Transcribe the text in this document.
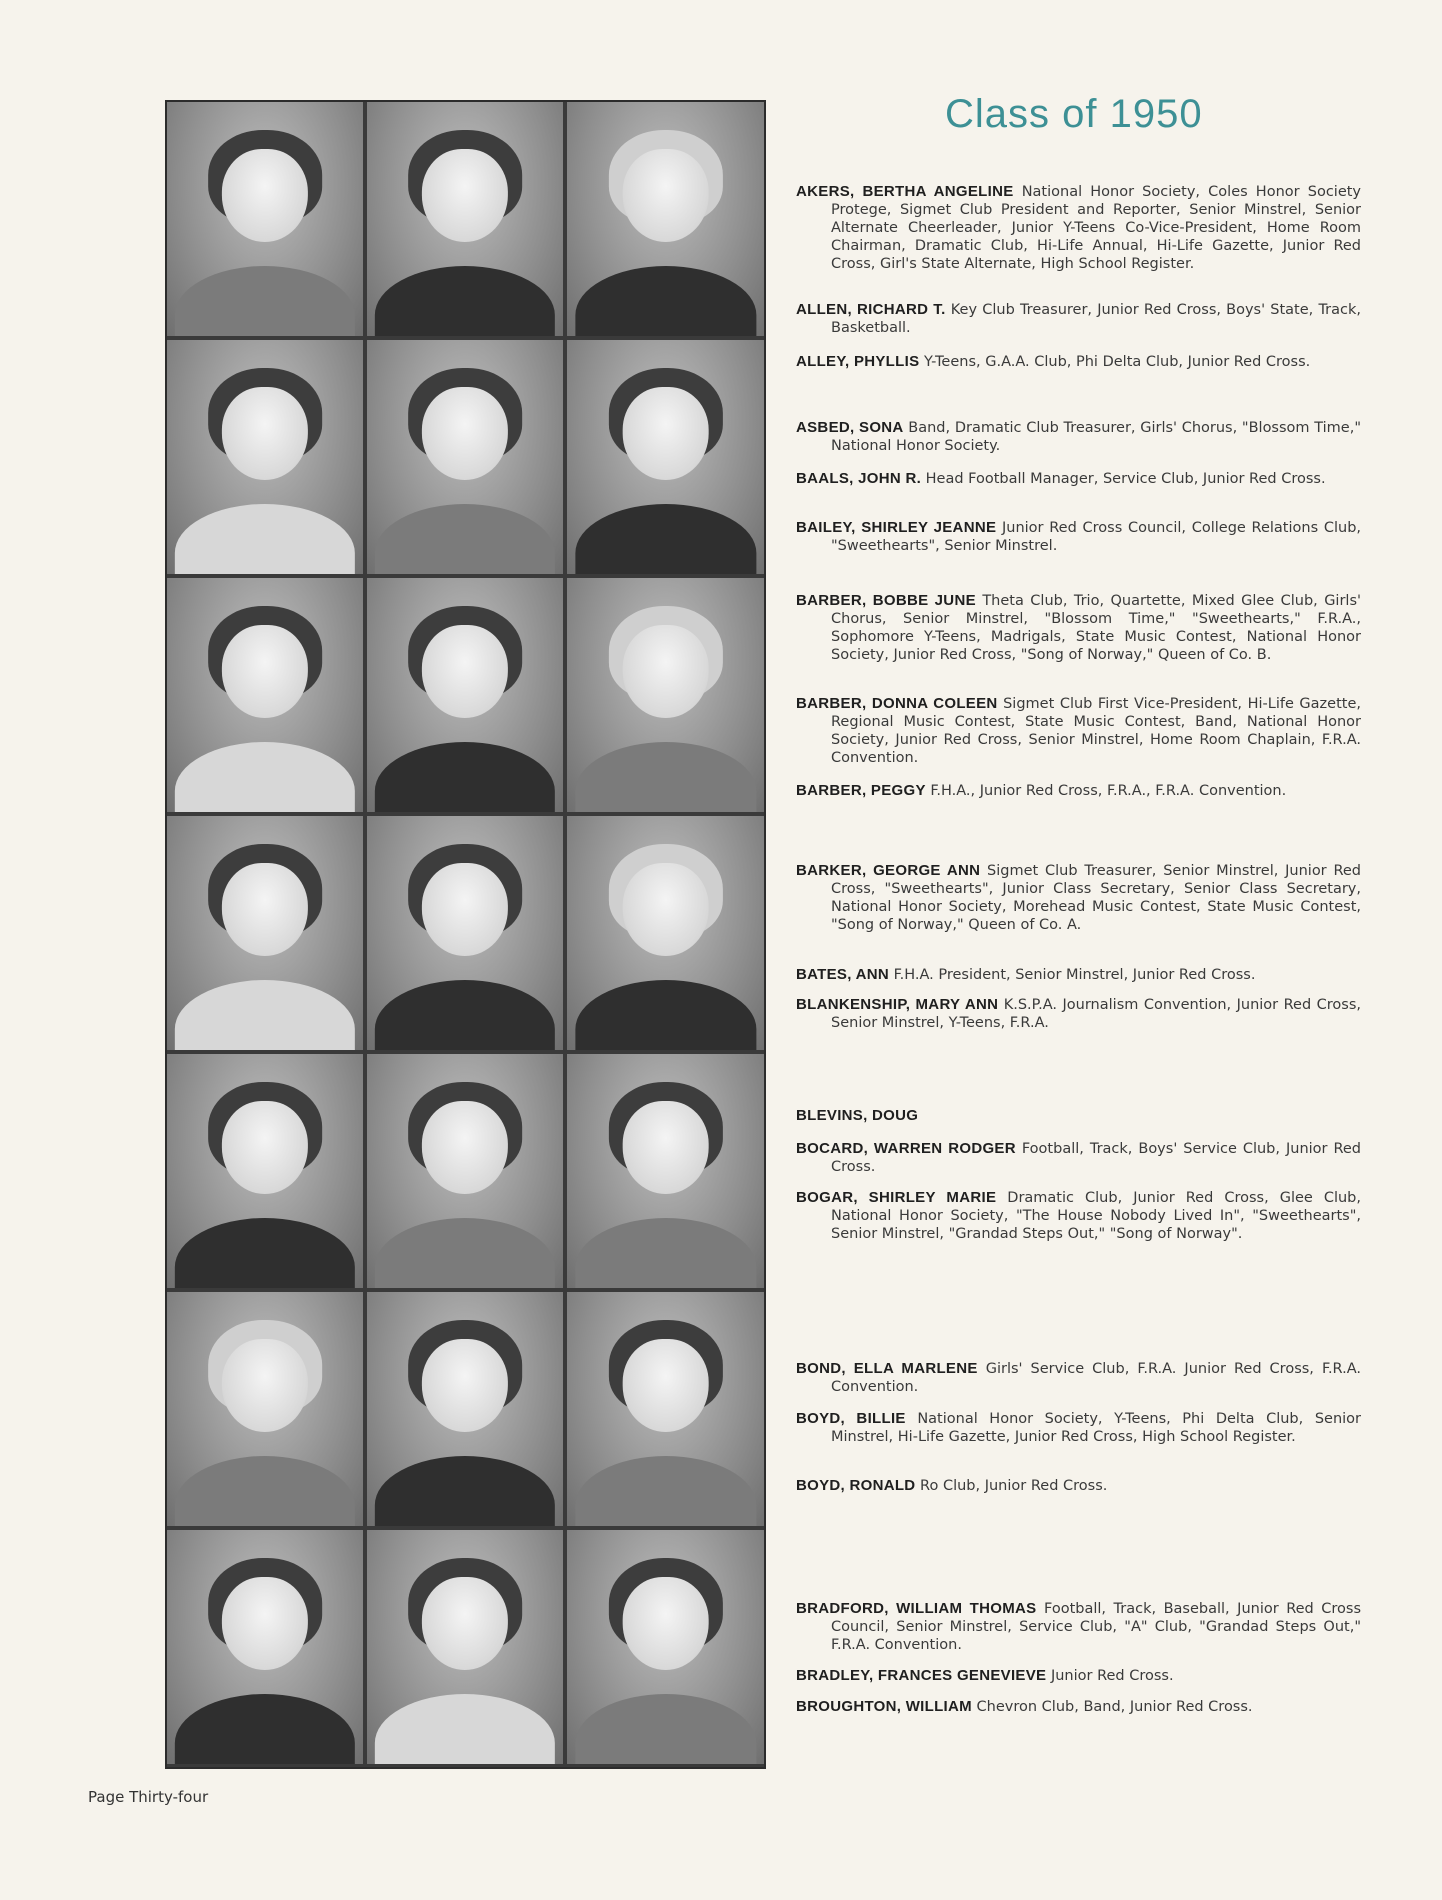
Class of 1950
AKERS, BERTHA ANGELINE National Honor Society, Coles Honor Society Protege, Sigmet Club President and Reporter, Senior Minstrel, Senior Alternate Cheerleader, Junior Y-Teens Co-Vice-President, Home Room Chairman, Dramatic Club, Hi-Life Annual, Hi-Life Gazette, Junior Red Cross, Girl's State Alternate, High School Register.
ALLEN, RICHARD T. Key Club Treasurer, Junior Red Cross, Boys' State, Track, Basketball.
ALLEY, PHYLLIS Y-Teens, G.A.A. Club, Phi Delta Club, Junior Red Cross.
ASBED, SONA Band, Dramatic Club Treasurer, Girls' Chorus, "Blossom Time," National Honor Society.
BAALS, JOHN R. Head Football Manager, Service Club, Junior Red Cross.
BAILEY, SHIRLEY JEANNE Junior Red Cross Council, College Relations Club, "Sweethearts", Senior Minstrel.
BARBER, BOBBE JUNE Theta Club, Trio, Quartette, Mixed Glee Club, Girls' Chorus, Senior Minstrel, "Blossom Time," "Sweethearts," F.R.A., Sophomore Y-Teens, Madrigals, State Music Contest, National Honor Society, Junior Red Cross, "Song of Norway," Queen of Co. B.
BARBER, DONNA COLEEN Sigmet Club First Vice-President, Hi-Life Gazette, Regional Music Contest, State Music Contest, Band, National Honor Society, Junior Red Cross, Senior Minstrel, Home Room Chaplain, F.R.A. Convention.
BARBER, PEGGY F.H.A., Junior Red Cross, F.R.A., F.R.A. Convention.
BARKER, GEORGE ANN Sigmet Club Treasurer, Senior Minstrel, Junior Red Cross, "Sweethearts", Junior Class Secretary, Senior Class Secretary, National Honor Society, Morehead Music Contest, State Music Contest, "Song of Norway," Queen of Co. A.
BATES, ANN F.H.A. President, Senior Minstrel, Junior Red Cross.
BLANKENSHIP, MARY ANN K.S.P.A. Journalism Convention, Junior Red Cross, Senior Minstrel, Y-Teens, F.R.A.
BLEVINS, DOUG
BOCARD, WARREN RODGER Football, Track, Boys' Service Club, Junior Red Cross.
BOGAR, SHIRLEY MARIE Dramatic Club, Junior Red Cross, Glee Club, National Honor Society, "The House Nobody Lived In", "Sweethearts", Senior Minstrel, "Grandad Steps Out," "Song of Norway".
BOND, ELLA MARLENE Girls' Service Club, F.R.A. Junior Red Cross, F.R.A. Convention.
BOYD, BILLIE National Honor Society, Y-Teens, Phi Delta Club, Senior Minstrel, Hi-Life Gazette, Junior Red Cross, High School Register.
BOYD, RONALD Ro Club, Junior Red Cross.
BRADFORD, WILLIAM THOMAS Football, Track, Baseball, Junior Red Cross Council, Senior Minstrel, Service Club, "A" Club, "Grandad Steps Out," F.R.A. Convention.
BRADLEY, FRANCES GENEVIEVE Junior Red Cross.
BROUGHTON, WILLIAM Chevron Club, Band, Junior Red Cross.
Page Thirty-four
